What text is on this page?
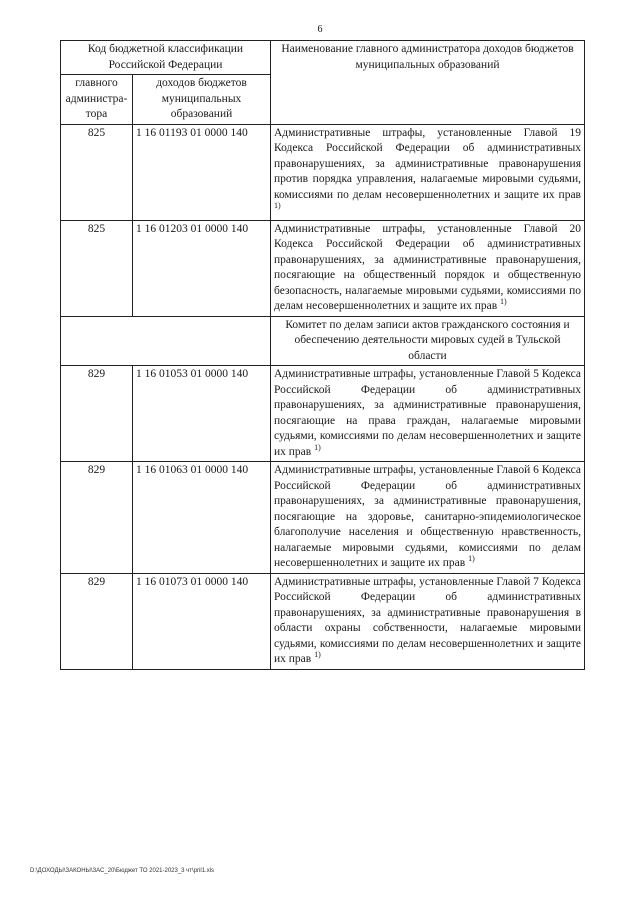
6
Код бюджетной классификации Российской Федерации		Наименование главного администратора доходов бюджетов муниципальных образований
главного администра-тора	доходов бюджетов муниципальных образований	
825	1 16 01193 01 0000 140	Административные штрафы, установленные Главой 19 Кодекса Российской Федерации об административных правонарушениях, за административные правонарушения против порядка управления, налагаемые мировыми судьями, комиссиями по делам несовершеннолетних и защите их прав $^{1)}$
825	1 16 01203 01 0000 140	Административные штрафы, установленные Главой 20 Кодекса Российской Федерации об административных правонарушениях, за административные правонарушения, посягающие на общественный порядок и общественную безопасность, налагаемые мировыми судьями, комиссиями по делам несовершеннолетних и защите их прав $^{1)}$
		Комитет по делам записи актов гражданского состояния и обеспечению деятельности мировых судей в Тульской области
829	1 16 01053 01 0000 140	Административные штрафы, установленные Главой 5 Кодекса Российской Федерации об административных правонарушениях, за административные правонарушения, посягающие на права граждан, налагаемые мировыми судьями, комиссиями по делам несовершеннолетних и защите их прав $^{1)}$
829	1 16 01063 01 0000 140	Административные штрафы, установленные Главой 6 Кодекса Российской Федерации об административных правонарушениях, за административные правонарушения, посягающие на здоровье, санитарно-эпидемиологическое благополучие населения и общественную нравственность, налагаемые мировыми судьями, комиссиями по делам несовершеннолетних и защите их прав $^{1)}$
829	1 16 01073 01 0000 140	Административные штрафы, установленные Главой 7 Кодекса Российской Федерации об административных правонарушениях, за административные правонарушения в области охраны собственности, налагаемые мировыми судьями, комиссиями по делам несовершеннолетних и защите их прав $^{1)}$
D:\ДОХОДЫ\ЗАКОНЫ\ЗАС_20\Бюджет ТО 2021-2023_3 чт\pril1.xls
